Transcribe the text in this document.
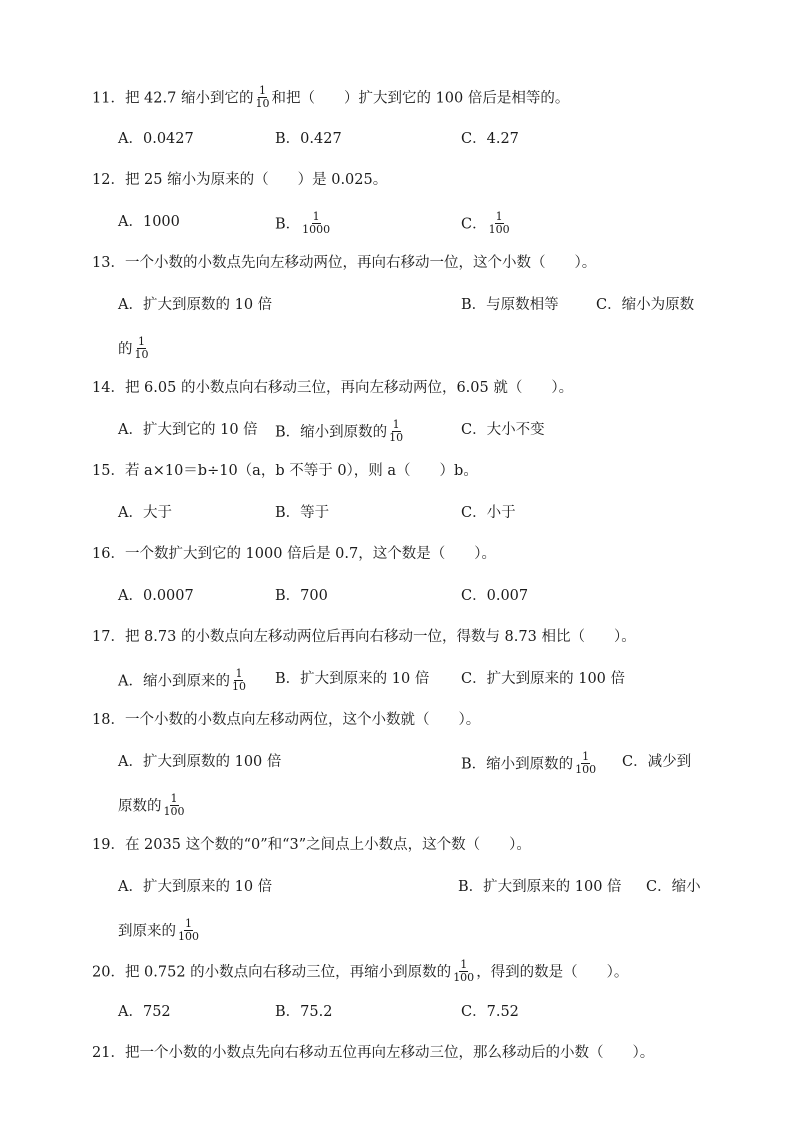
11．把 42.7 缩小到它的 $\frac{1}{10}$ 和把（　　）扩大到它的 100 倍后是相等的。
A．0.0427	B．0.427	C．4.27
12．把 25 缩小为原来的（　　）是 0.025。
A．1000	B． $\frac{1}{1000}$	C． $\frac{1}{100}$
13．一个小数的小数点先向左移动两位，再向右移动一位，这个小数（　　）。
A．扩大到原数的 10 倍	B．与原数相等	C．缩小为原数
的 $\frac{1}{10}$
14．把 6.05 的小数点向右移动三位，再向左移动两位，6.05 就（　　）。
A．扩大到它的 10 倍 B．缩小到原数的 $\frac{1}{10}$	C．大小不变
15．若 a×10＝b÷10（a，b 不等于 0），则 a（　　）b。
A．大于	B．等于	C．小于
16．一个数扩大到它的 1000 倍后是 0.7，这个数是（　　）。
A．0.0007	B．700	C．0.007
17．把 8.73 的小数点向左移动两位后再向右移动一位，得数与 8.73 相比（　　）。
A．缩小到原来的 $\frac{1}{10}$ B．扩大到原来的 10 倍 C．扩大到原来的 100 倍
18．一个小数的小数点向左移动两位，这个小数就（　　）。
A．扩大到原数的 100 倍	B．缩小到原数的 $\frac{1}{100}$ C．减少到
原数的 $\frac{1}{100}$
19．在 2035 这个数的“0”和“3”之间点上小数点，这个数（　　）。
A．扩大到原来的 10 倍	B．扩大到原来的 100 倍 C．缩小
到原来的 $\frac{1}{100}$
20．把 0.752 的小数点向右移动三位，再缩小到原数的 $\frac{1}{100}$ ，得到的数是（　　）。
A．752	B．75.2	C．7.52
21．把一个小数的小数点先向右移动五位再向左移动三位，那么移动后的小数（　　）。
